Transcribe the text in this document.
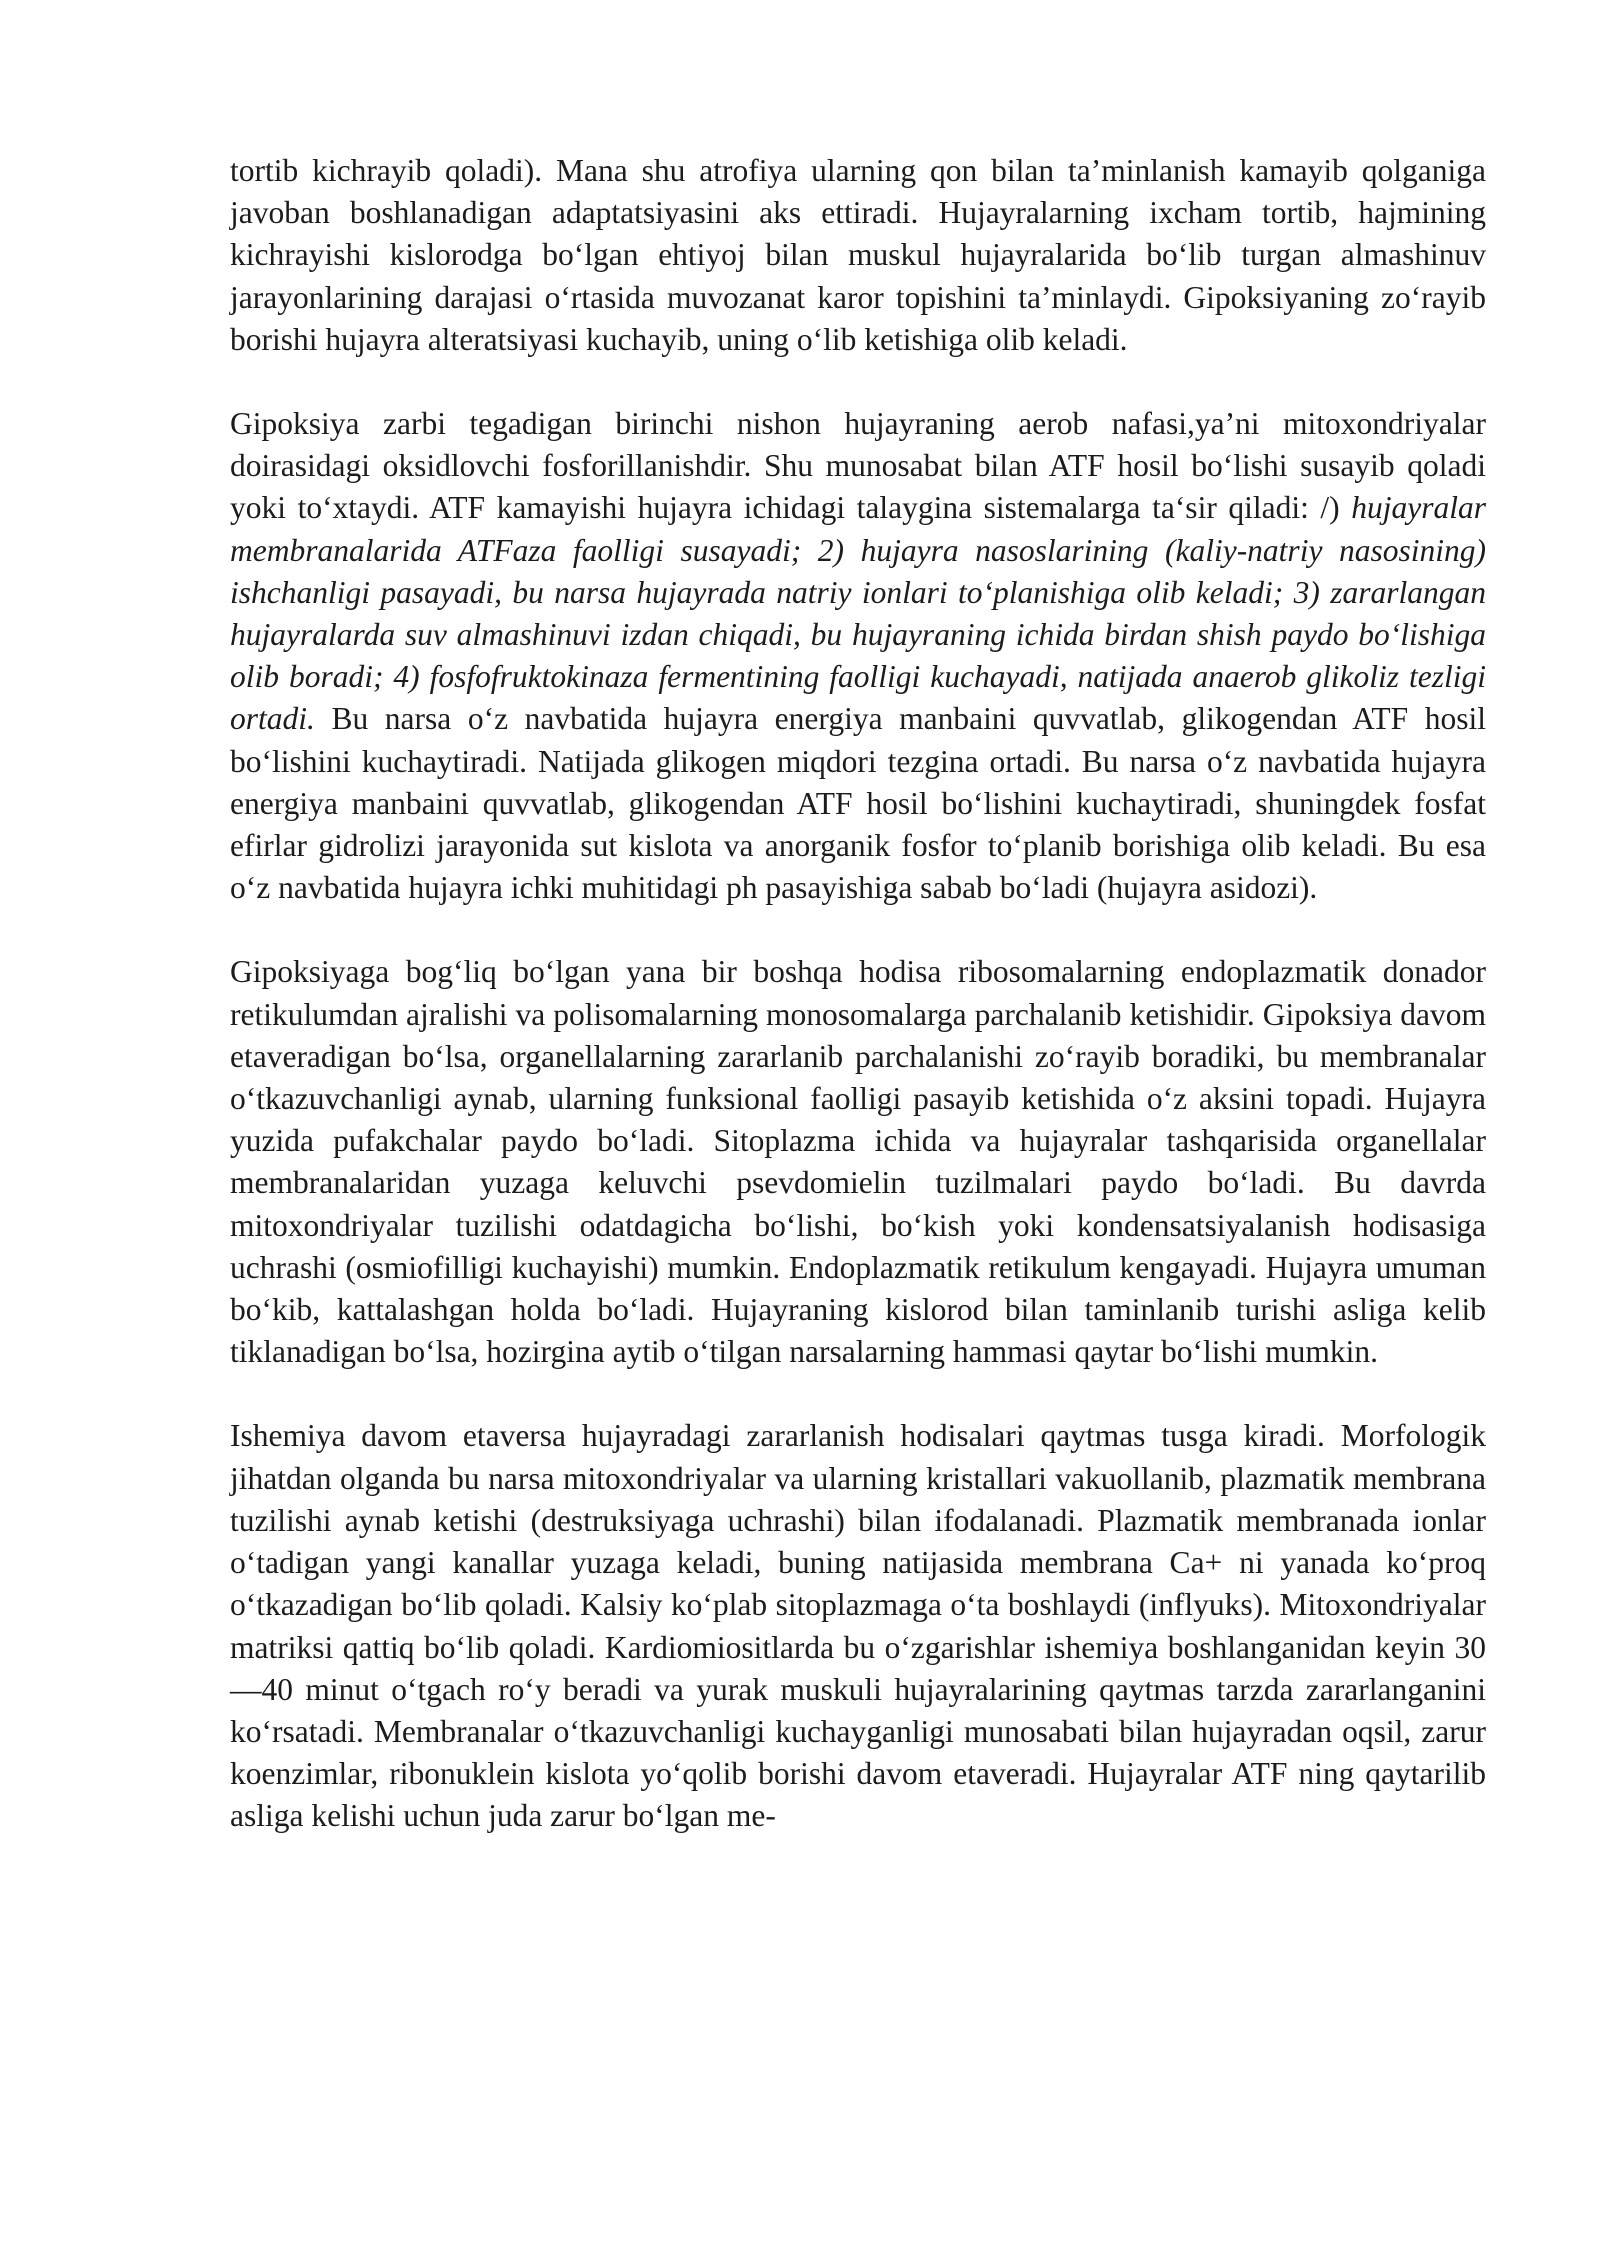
tortib kichrayib qoladi). Mana shu atrofiya ularning qon bilan taʼminlanish kamayib qolganiga javoban boshlanadigan adaptatsiyasini aks ettiradi. Hujayralarning ixcham tortib, hajmining kichrayishi kislorodga boʻlgan ehtiyoj bilan muskul hujayralarida boʻlib turgan almashinuv jarayonlarining darajasi oʻrtasida muvozanat karor topishini taʼminlaydi. Gipoksiyaning zoʻrayib borishi hujayra alteratsiyasi kuchayib, uning oʻlib ketishiga olib keladi.

Gipoksiya zarbi tegadigan birinchi nishon hujayraning aerob nafasi,yaʼni mitoxondriyalar doirasidagi oksidlovchi fosforillanishdir. Shu munosabat bilan ATF hosil boʻlishi susayib qoladi yoki toʻxtaydi. ATF kamayishi hujayra ichidagi talaygina sistemalarga taʻsir qiladi: /) hujayralar membranalarida ATFaza faolligi susayadi; 2) hujayra nasoslarining (kaliy-natriy nasosining) ishchanligi pasayadi, bu narsa hujayrada natriy ionlari toʻplanishiga olib keladi; 3) zararlangan hujayralarda suv almashinuvi izdan chiqadi, bu hujayraning ichida birdan shish paydo boʻlishiga olib boradi; 4) fosfofruktokinaza fermentining faolligi kuchayadi, natijada anaerob glikoliz tezligi ortadi. Bu narsa oʻz navbatida hujayra energiya manbaini quvvatlab, glikogendan ATF hosil boʻlishini kuchaytiradi. Natijada glikogen miqdori tezgina ortadi. Bu narsa oʻz navbatida hujayra energiya manbaini quvvatlab, glikogendan ATF hosil boʻlishini kuchaytiradi, shuningdek fosfat efirlar gidrolizi jarayonida sut kislota va anorganik fosfor toʻplanib borishiga olib keladi. Bu esa oʻz navbatida hujayra ichki muhitidagi ph pasayishiga sabab boʻladi (hujayra asidozi).

Gipoksiyaga bogʻliq boʻlgan yana bir boshqa hodisa ribosomalarning endoplazmatik donador retikulumdan ajralishi va polisomalarning monosomalarga parchalanib ketishidir. Gipoksiya davom etaveradigan boʻlsa, organellalarning zararlanib parchalanishi zoʻrayib boradiki, bu membranalar oʻtkazuvchanligi aynab, ularning funksional faolligi pasayib ketishida oʻz aksini topadi. Hujayra yuzida pufakchalar paydo boʻladi. Sitoplazma ichida va hujayralar tashqarisida organellalar membranalaridan yuzaga keluvchi psevdomielin tuzilmalari paydo boʻladi. Bu davrda mitoxondriyalar tuzilishi odatdagicha boʻlishi, boʻkish yoki kondensatsiyalanish hodisasiga uchrashi (osmiofilligi kuchayishi) mumkin. Endoplazmatik retikulum kengayadi. Hujayra umuman boʻkib, kattalashgan holda boʻladi. Hujayraning kislorod bilan taminlanib turishi asliga kelib tiklanadigan boʻlsa, hozirgina aytib oʻtilgan narsalarning hammasi qaytar boʻlishi mumkin.

Ishemiya davom etaversa hujayradagi zararlanish hodisalari qaytmas tusga kiradi. Morfologik jihatdan olganda bu narsa mitoxondriyalar va ularning kristallari vakuollanib, plazmatik membrana tuzilishi aynab ketishi (destruksiyaga uchrashi) bilan ifodalanadi. Plazmatik membranada ionlar oʻtadigan yangi kanallar yuzaga keladi, buning natijasida membrana Ca+ ni yanada koʻproq oʻtkazadigan boʻlib qoladi. Kalsiy koʻplab sitoplazmaga oʻta boshlaydi (inflyuks). Mitoxondriyalar matriksi qattiq boʻlib qoladi. Kardiomiositlarda bu oʻzgarishlar ishemiya boshlanganidan keyin 30—40 minut oʻtgach roʻy beradi va yurak muskuli hujayralarining qaytmas tarzda zararlanganini koʻrsatadi. Membranalar oʻtkazuvchanligi kuchayganligi munosabati bilan hujayradan oqsil, zarur koenzimlar, ribonuklein kislota yoʻqolib borishi davom etaveradi. Hujayralar ATF ning qaytarilib asliga kelishi uchun juda zarur boʻlgan me-
